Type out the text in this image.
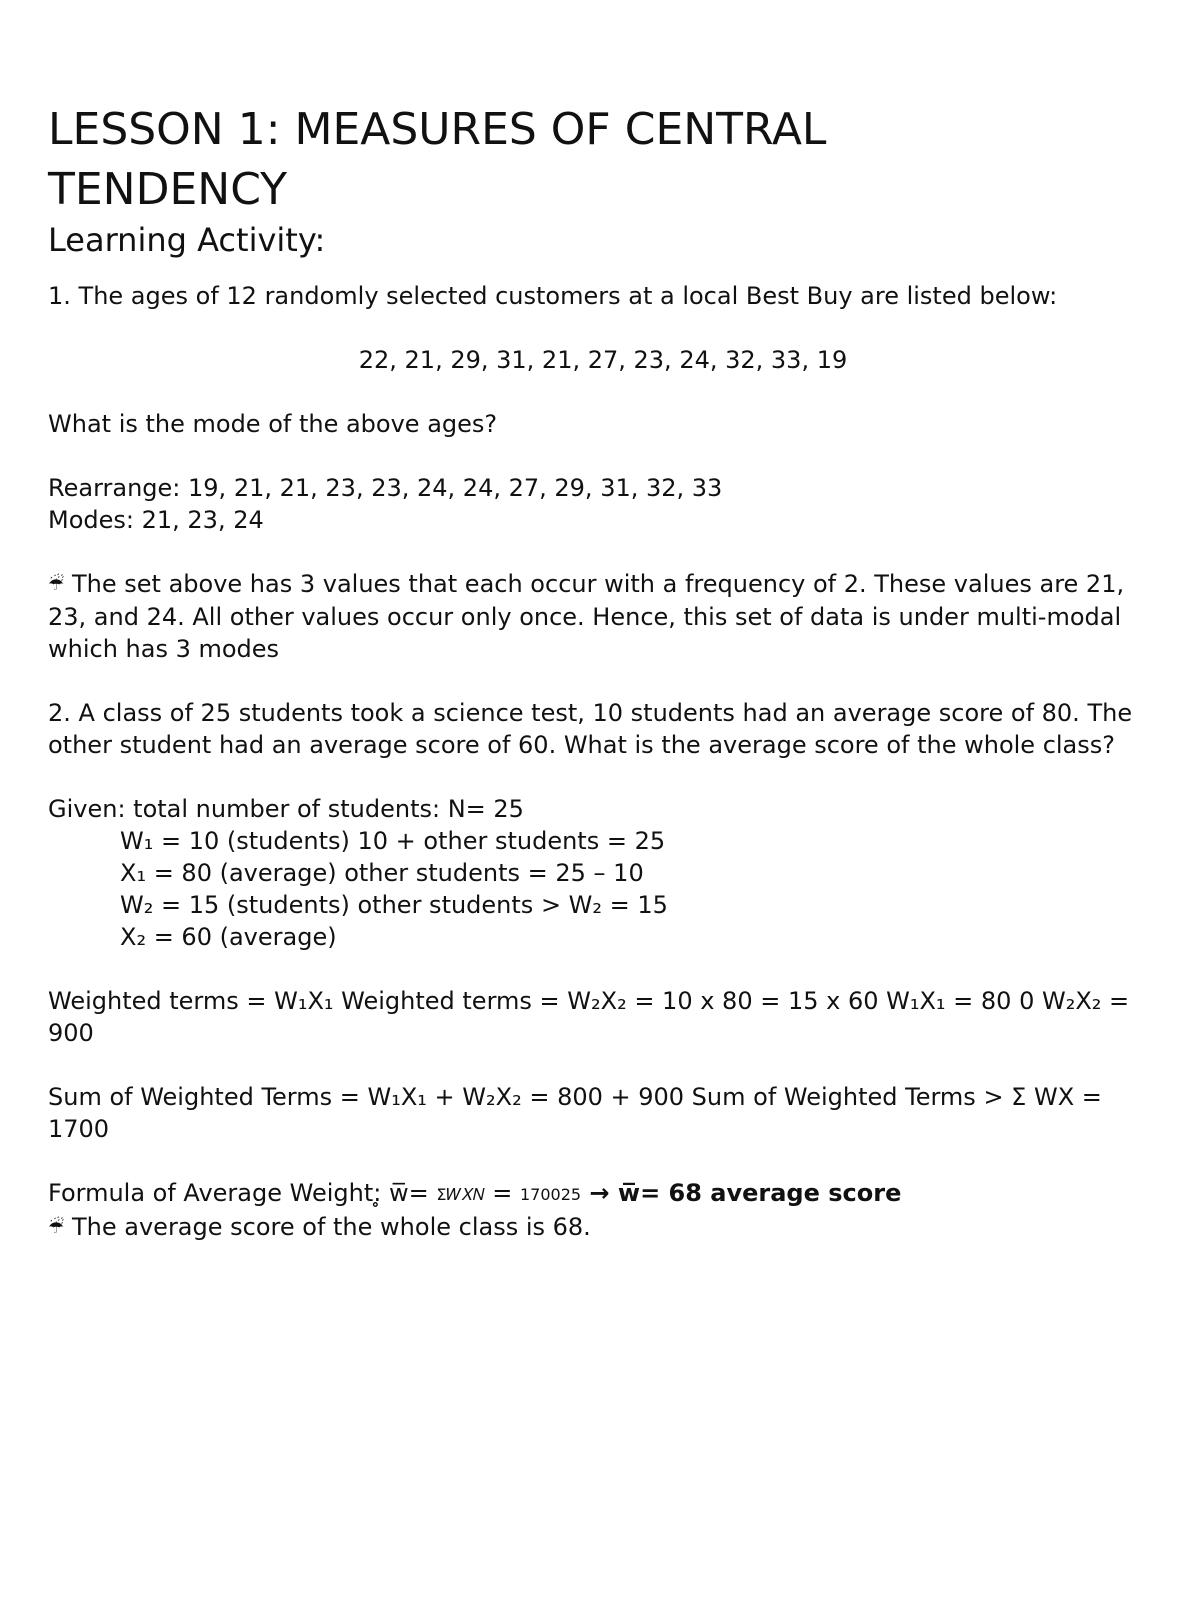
LESSON 1: MEASURES OF CENTRAL
TENDENCY
Learning Activity:

1. The ages of 12 randomly selected customers at a local Best Buy are listed below:

22, 21, 29, 31, 21, 27, 23, 24, 32, 33, 19

What is the mode of the above ages?

Rearrange: 19, 21, 21, 23, 23, 24, 24, 27, 29, 31, 32, 33

Modes: 21, 23, 24

☔ The set above has 3 values that each occur with a frequency of 2. These values are 21, 23, and 24. All other values occur only once. Hence, this set of data is under multi-modal which has 3 modes

2. A class of 25 students took a science test, 10 students had an average score of 80. The other student had an average score of 60. What is the average score of the whole class?

Given: total number of students: N= 25

W₁ = 10 (students) 10 + other students = 25

X₁ = 80 (average) other students = 25 – 10

W₂ = 15 (students) other students > W₂ = 15

X₂ = 60 (average)

Weighted terms = W₁X₁ Weighted terms = W₂X₂ = 10 x 80 = 15 x 60 W₁X₁ = 80 0 W₂X₂ = 900

Sum of Weighted Terms = W₁X₁ + W₂X₂ = 800 + 900 Sum of Weighted Terms > Σ WX = 1700

Formula of Average Weight:̥ w̅= Σ𝑊𝑋𝑁 = 170025 → w̅= 68 average score

☔ The average score of the whole class is 68.
